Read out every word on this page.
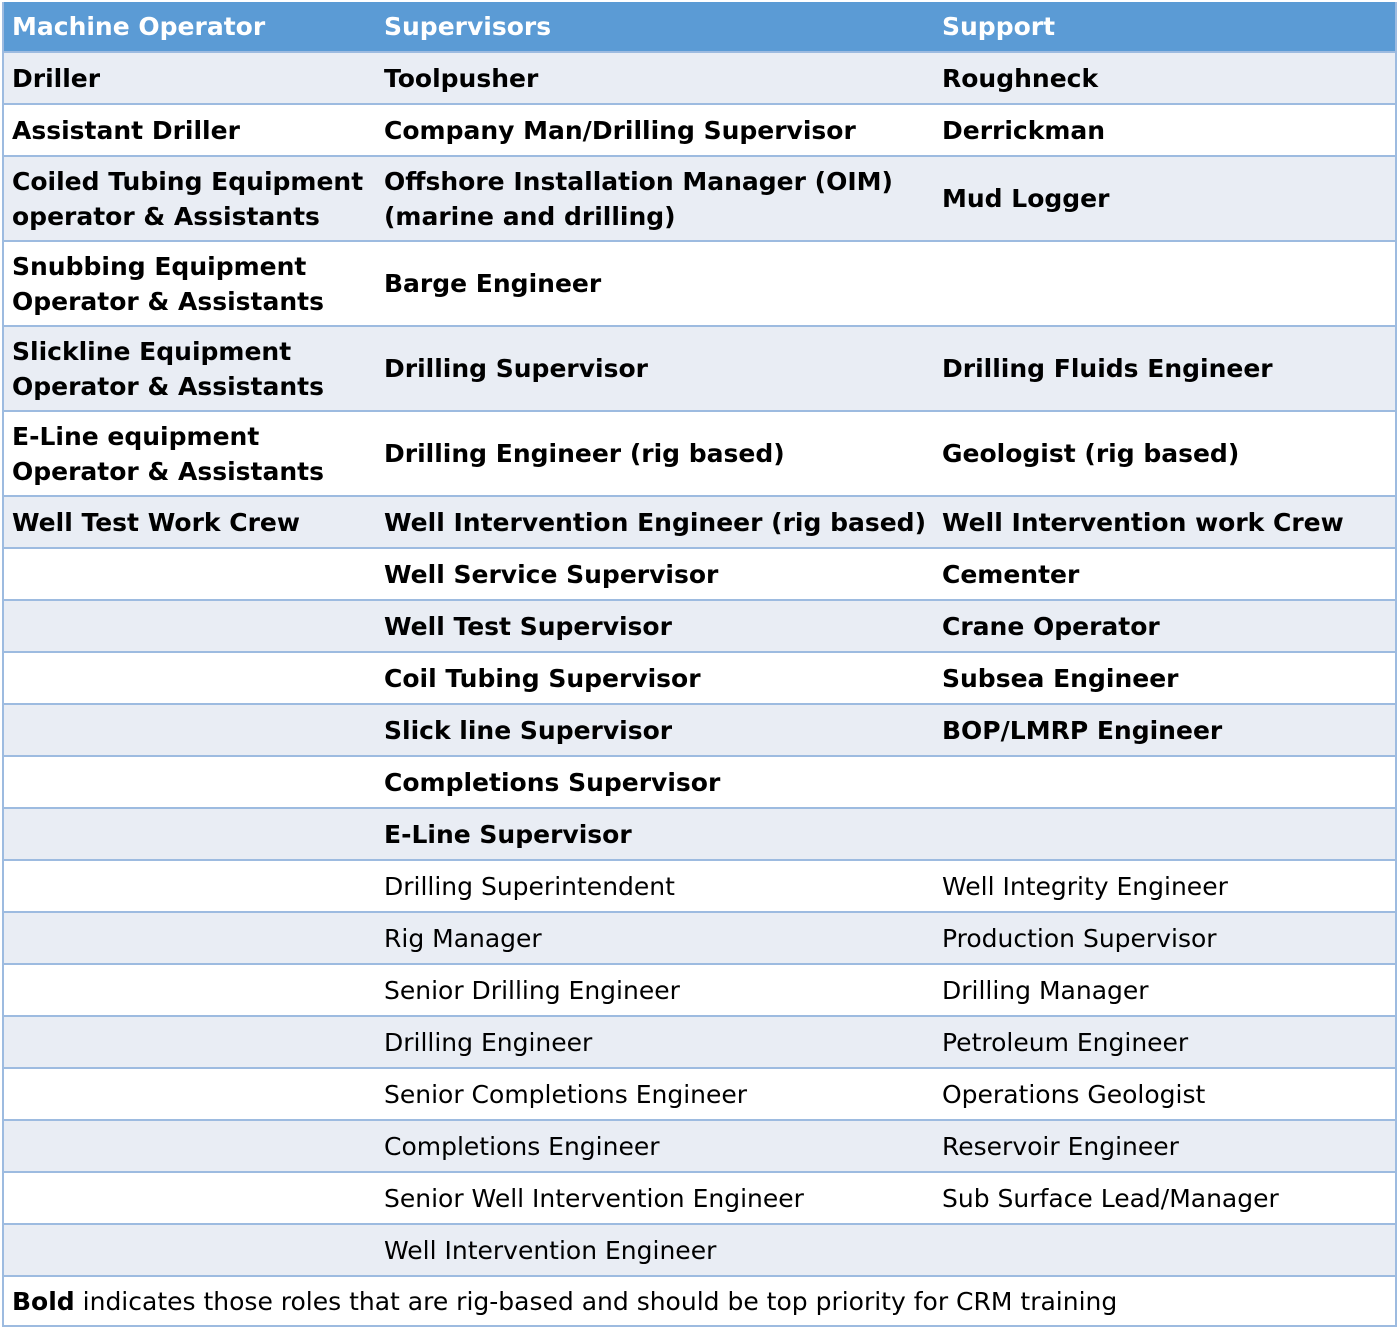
Machine Operator	Supervisors	Support
Driller	Toolpusher	Roughneck
Assistant Driller	Company Man/Drilling Supervisor	Derrickman
Coiled Tubing Equipment operator & Assistants	Offshore Installation Manager (OIM) (marine and drilling)	Mud Logger
Snubbing Equipment Operator & Assistants	Barge Engineer	
Slickline Equipment Operator & Assistants	Drilling Supervisor	Drilling Fluids Engineer
E-Line equipment Operator & Assistants	Drilling Engineer (rig based)	Geologist (rig based)
Well Test Work Crew	Well Intervention Engineer (rig based)	Well Intervention work Crew
	Well Service Supervisor	Cementer
	Well Test Supervisor	Crane Operator
	Coil Tubing Supervisor	Subsea Engineer
	Slick line Supervisor	BOP/LMRP Engineer
	Completions Supervisor	
	E-Line Supervisor	
	Drilling Superintendent	Well Integrity Engineer
	Rig Manager	Production Supervisor
	Senior Drilling Engineer	Drilling Manager
	Drilling Engineer	Petroleum Engineer
	Senior Completions Engineer	Operations Geologist
	Completions Engineer	Reservoir Engineer
	Senior Well Intervention Engineer	Sub Surface Lead/Manager
	Well Intervention Engineer	
Bold indicates those roles that are rig-based and should be top priority for CRM training		
